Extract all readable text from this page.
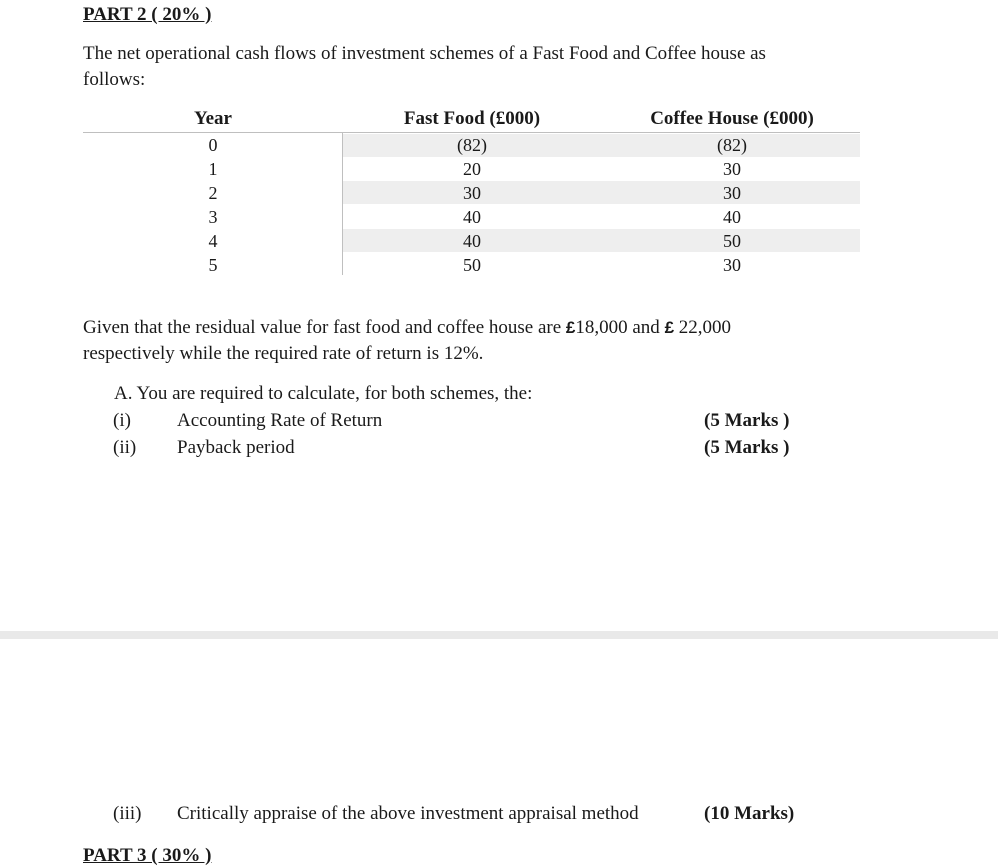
PART 2 ( 20% )
The net operational cash flows of investment schemes of a Fast Food and Coffee house as
follows:
Year	Fast Food (£000)	Coffee House (£000)
0	(82)	(82)
1	20	30
2	30	30
3	40	40
4	40	50
5	50	30
Given that the residual value for fast food and coffee house are £18,000 and £ 22,000
respectively while the required rate of return is 12%.
A. You are required to calculate, for both schemes, the:
(i) Accounting Rate of Return	(5 Marks )
(ii) Payback period	(5 Marks )
(iii) Critically appraise of the above investment appraisal method	(10 Marks)
PART 3 ( 30% )
